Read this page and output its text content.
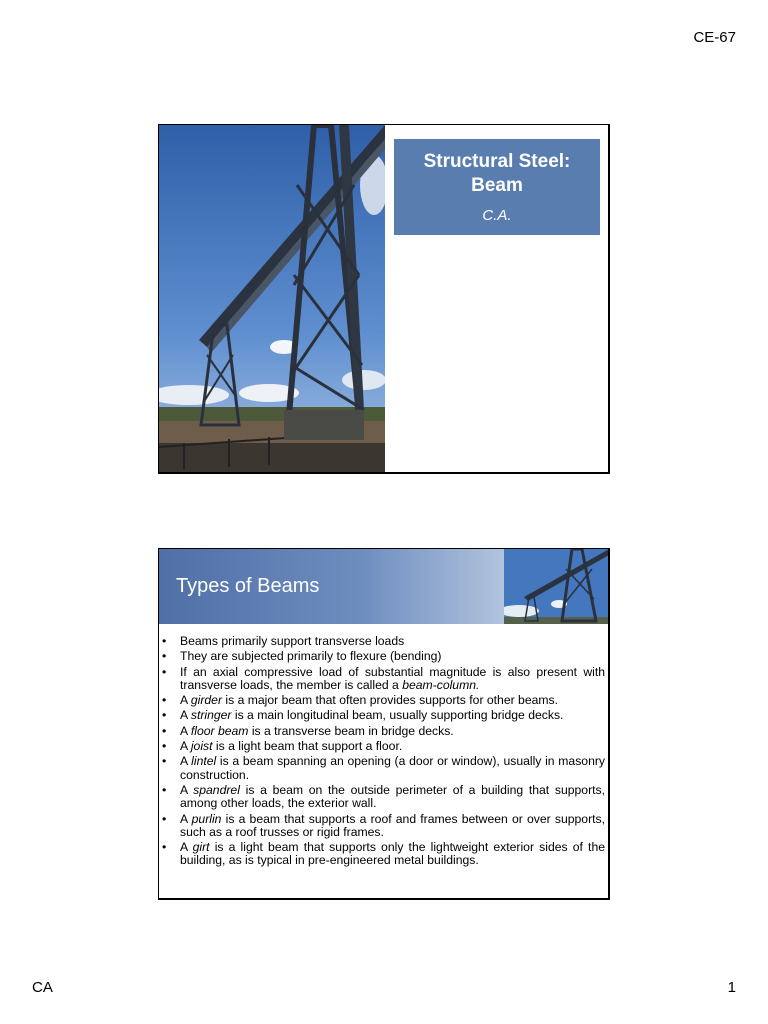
CE-67
Structural Steel:
Beam
C.A.
Types of Beams
• Beams primarily support transverse loads
• They are subjected primarily to flexure (bending)
• If an axial compressive load of substantial magnitude is also present with transverse loads, the member is called a beam-column.
• A girder is a major beam that often provides supports for other beams.
• A stringer is a main longitudinal beam, usually supporting bridge decks.
• A floor beam is a transverse beam in bridge decks.
• A joist is a light beam that support a floor.
• A lintel is a beam spanning an opening (a door or window), usually in masonry construction.
• A spandrel is a beam on the outside perimeter of a building that supports, among other loads, the exterior wall.
• A purlin is a beam that supports a roof and frames between or over supports, such as a roof trusses or rigid frames.
• A girt is a light beam that supports only the lightweight exterior sides of the building, as is typical in pre-engineered metal buildings.
CA	1
